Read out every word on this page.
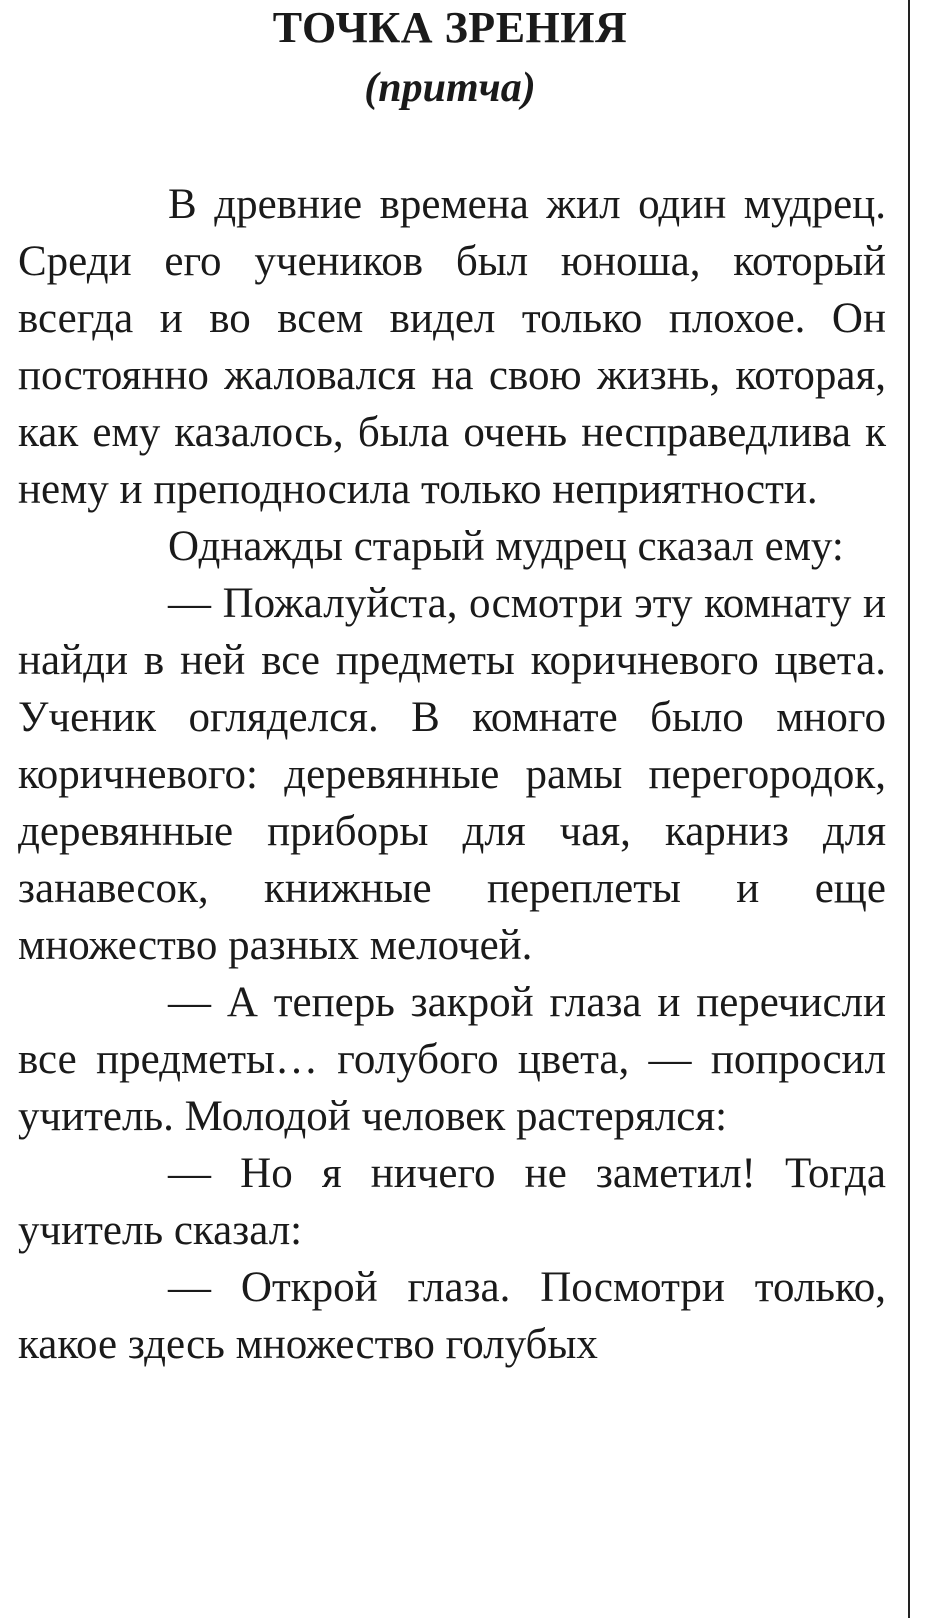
ТОЧКА ЗРЕНИЯ
(притча)

В древние времена жил один мудрец. Среди его учеников был юноша, который всегда и во всем видел только плохое. Он постоянно жаловался на свою жизнь, которая, как ему казалось, была очень несправедлива к нему и преподносила только неприятности.

Однажды старый мудрец сказал ему:

— Пожалуйста, осмотри эту комнату и найди в ней все предметы коричневого цвета. Ученик огляделся. В комнате было много коричневого: деревянные рамы перегородок, деревянные приборы для чая, карниз для занавесок, книжные переплеты и еще множество разных мелочей.

— А теперь закрой глаза и перечисли все предметы… голубого цвета, — попросил учитель. Молодой человек растерялся:

— Но я ничего не заметил! Тогда учитель сказал:

— Открой глаза. Посмотри только, какое здесь множество голубых
